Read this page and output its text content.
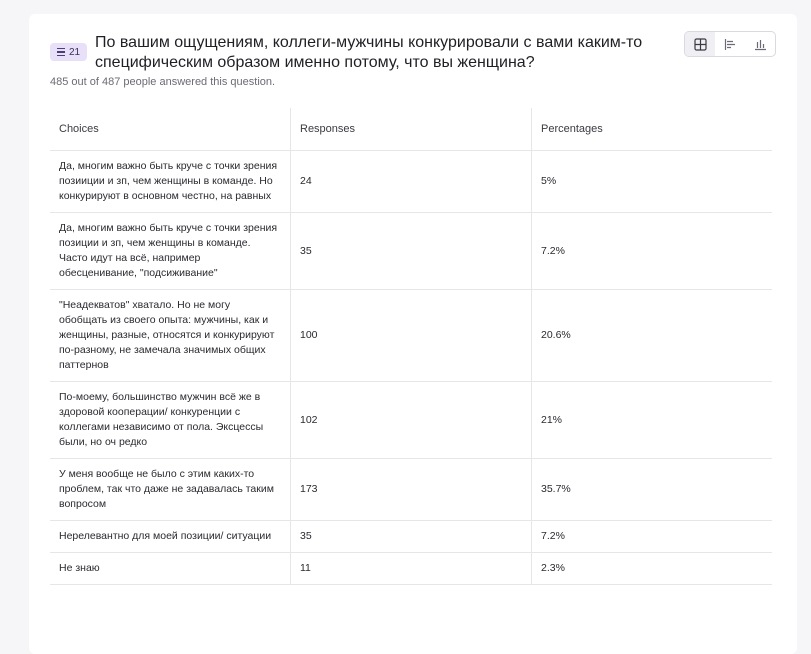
21
По вашим ощущениям, коллеги-мужчины конкурировали с вами каким-то специфическим образом именно потому, что вы женщина?
485 out of 487 people answered this question.
Choices	Responses	Percentages
Да, многим важно быть круче с точки зрения позииции и зп, чем женщины в команде. Но конкурируют в основном честно, на равных	24	5%
Да, многим важно быть круче с точки зрения позиции и зп, чем женщины в команде. Часто идут на всё, например обесценивание, "подсиживание"	35	7.2%
"Неадекватов" хватало. Но не могу обобщать из своего опыта: мужчины, как и женщины, разные, относятся и конкурируют по-разному, не замечала значимых общих паттернов	100	20.6%
По-моему, большинство мужчин всё же в здоровой кооперации/ конкуренции с коллегами независимо от пола. Эксцессы были, но оч редко	102	21%
У меня вообще не было с этим каких-то проблем, так что даже не задавалась таким вопросом	173	35.7%
Нерелевантно для моей позиции/ ситуации	35	7.2%
Не знаю	11	2.3%
